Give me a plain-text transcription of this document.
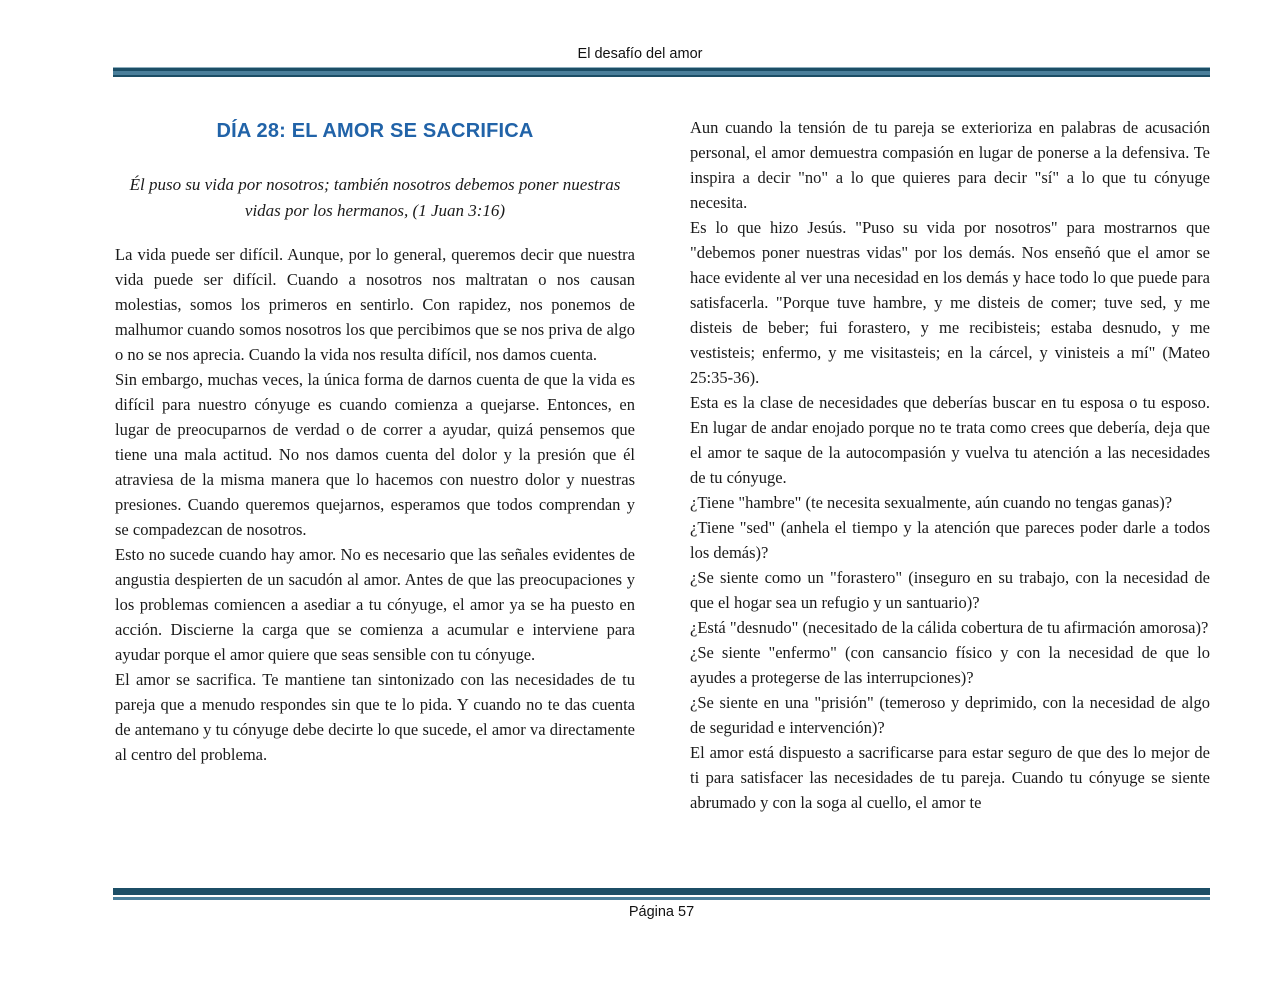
El desafío del amor
DÍA 28: EL AMOR SE SACRIFICA

Él puso su vida por nosotros; también nosotros debemos poner nuestras vidas por los hermanos, (1 Juan 3:16)

La vida puede ser difícil. Aunque, por lo general, queremos decir que nuestra vida puede ser difícil. Cuando a nosotros nos maltratan o nos causan molestias, somos los primeros en sentirlo. Con rapidez, nos ponemos de malhumor cuando somos nosotros los que percibimos que se nos priva de algo o no se nos aprecia. Cuando la vida nos resulta difícil, nos damos cuenta.

Sin embargo, muchas veces, la única forma de darnos cuenta de que la vida es difícil para nuestro cónyuge es cuando comienza a quejarse. Entonces, en lugar de preocuparnos de verdad o de correr a ayudar, quizá pensemos que tiene una mala actitud. No nos damos cuenta del dolor y la presión que él atraviesa de la misma manera que lo hacemos con nuestro dolor y nuestras presiones. Cuando queremos quejarnos, esperamos que todos comprendan y se compadezcan de nosotros.

Esto no sucede cuando hay amor. No es necesario que las señales evidentes de angustia despierten de un sacudón al amor. Antes de que las preocupaciones y los problemas comiencen a asediar a tu cónyuge, el amor ya se ha puesto en acción. Discierne la carga que se comienza a acumular e interviene para ayudar porque el amor quiere que seas sensible con tu cónyuge.

El amor se sacrifica. Te mantiene tan sintonizado con las necesidades de tu pareja que a menudo respondes sin que te lo pida. Y cuando no te das cuenta de antemano y tu cónyuge debe decirte lo que sucede, el amor va directamente al centro del problema.

Aun cuando la tensión de tu pareja se exterioriza en palabras de acusación personal, el amor demuestra compasión en lugar de ponerse a la defensiva. Te inspira a decir "no" a lo que quieres para decir "sí" a lo que tu cónyuge necesita.

Es lo que hizo Jesús. "Puso su vida por nosotros" para mostrarnos que "debemos poner nuestras vidas" por los demás. Nos enseñó que el amor se hace evidente al ver una necesidad en los demás y hace todo lo que puede para satisfacerla. "Porque tuve hambre, y me disteis de comer; tuve sed, y me disteis de beber; fui forastero, y me recibisteis; estaba desnudo, y me vestisteis; enfermo, y me visitasteis; en la cárcel, y vinisteis a mí" (Mateo 25:35-36).

Esta es la clase de necesidades que deberías buscar en tu esposa o tu esposo. En lugar de andar enojado porque no te trata como crees que debería, deja que el amor te saque de la autocompasión y vuelva tu atención a las necesidades de tu cónyuge.

¿Tiene "hambre" (te necesita sexualmente, aún cuando no tengas ganas)?

¿Tiene "sed" (anhela el tiempo y la atención que pareces poder darle a todos los demás)?

¿Se siente como un "forastero" (inseguro en su trabajo, con la necesidad de que el hogar sea un refugio y un santuario)?

¿Está "desnudo" (necesitado de la cálida cobertura de tu afirmación amorosa)?

¿Se siente "enfermo" (con cansancio físico y con la necesidad de que lo ayudes a protegerse de las interrupciones)?

¿Se siente en una "prisión" (temeroso y deprimido, con la necesidad de algo de seguridad e intervención)?

El amor está dispuesto a sacrificarse para estar seguro de que des lo mejor de ti para satisfacer las necesidades de tu pareja. Cuando tu cónyuge se siente abrumado y con la soga al cuello, el amor te

Página 57
